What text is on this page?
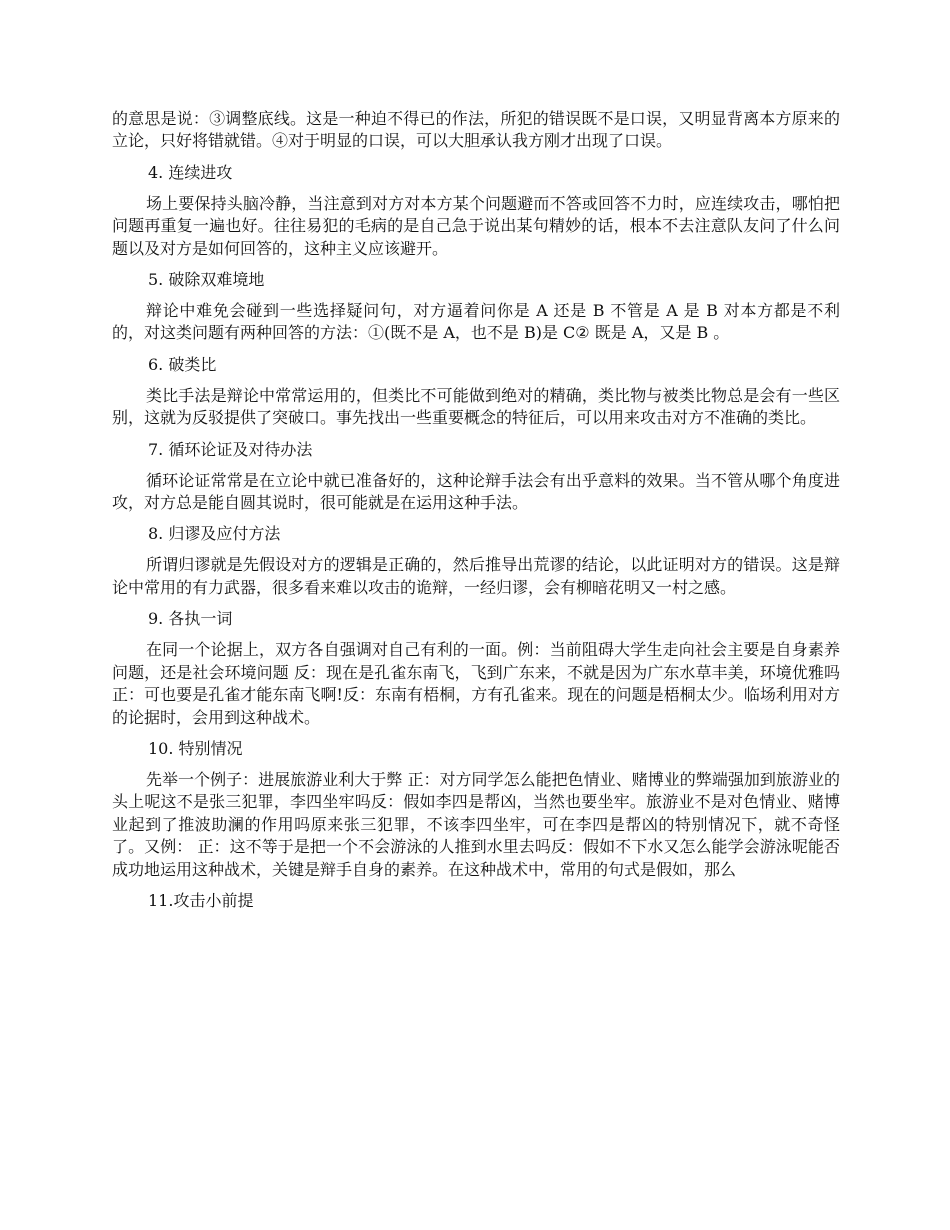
的意思是说：③调整底线。这是一种迫不得已的作法，所犯的错误既不是口误，又明显背离本方原来的立论，只好将错就错。④对于明显的口误，可以大胆承认我方刚才出现了口误。

4. 连续进攻

场上要保持头脑冷静，当注意到对方对本方某个问题避而不答或回答不力时，应连续攻击，哪怕把问题再重复一遍也好。往往易犯的毛病的是自己急于说出某句精妙的话，根本不去注意队友问了什么问题以及对方是如何回答的，这种主义应该避开。

5. 破除双难境地

辩论中难免会碰到一些选择疑问句，对方逼着问你是 A 还是 B 不管是 A 是 B 对本方都是不利的，对这类问题有两种回答的方法：①(既不是 A，也不是 B)是 C② 既是 A，又是 B 。

6. 破类比

类比手法是辩论中常常运用的，但类比不可能做到绝对的精确，类比物与被类比物总是会有一些区别，这就为反驳提供了突破口。事先找出一些重要概念的特征后，可以用来攻击对方不准确的类比。

7. 循环论证及对待办法

循环论证常常是在立论中就已准备好的，这种论辩手法会有出乎意料的效果。当不管从哪个角度进攻，对方总是能自圆其说时，很可能就是在运用这种手法。

8. 归谬及应付方法

所谓归谬就是先假设对方的逻辑是正确的，然后推导出荒谬的结论，以此证明对方的错误。这是辩论中常用的有力武器，很多看来难以攻击的诡辩，一经归谬，会有柳暗花明又一村之感。

9. 各执一词

在同一个论据上，双方各自强调对自己有利的一面。例：当前阻碍大学生走向社会主要是自身素养问题，还是社会环境问题 反：现在是孔雀东南飞，飞到广东来，不就是因为广东水草丰美，环境优雅吗 正：可也要是孔雀才能东南飞啊!反：东南有梧桐，方有孔雀来。现在的问题是梧桐太少。临场利用对方的论据时，会用到这种战术。

10. 特别情况

先举一个例子：进展旅游业利大于弊 正：对方同学怎么能把色情业、赌博业的弊端强加到旅游业的头上呢这不是张三犯罪，李四坐牢吗反：假如李四是帮凶，当然也要坐牢。旅游业不是对色情业、赌博业起到了推波助澜的作用吗原来张三犯罪，不该李四坐牢，可在李四是帮凶的特别情况下，就不奇怪了。又例： 正：这不等于是把一个不会游泳的人推到水里去吗反：假如不下水又怎么能学会游泳呢能否成功地运用这种战术，关键是辩手自身的素养。在这种战术中，常用的句式是假如，那么

11.攻击小前提
